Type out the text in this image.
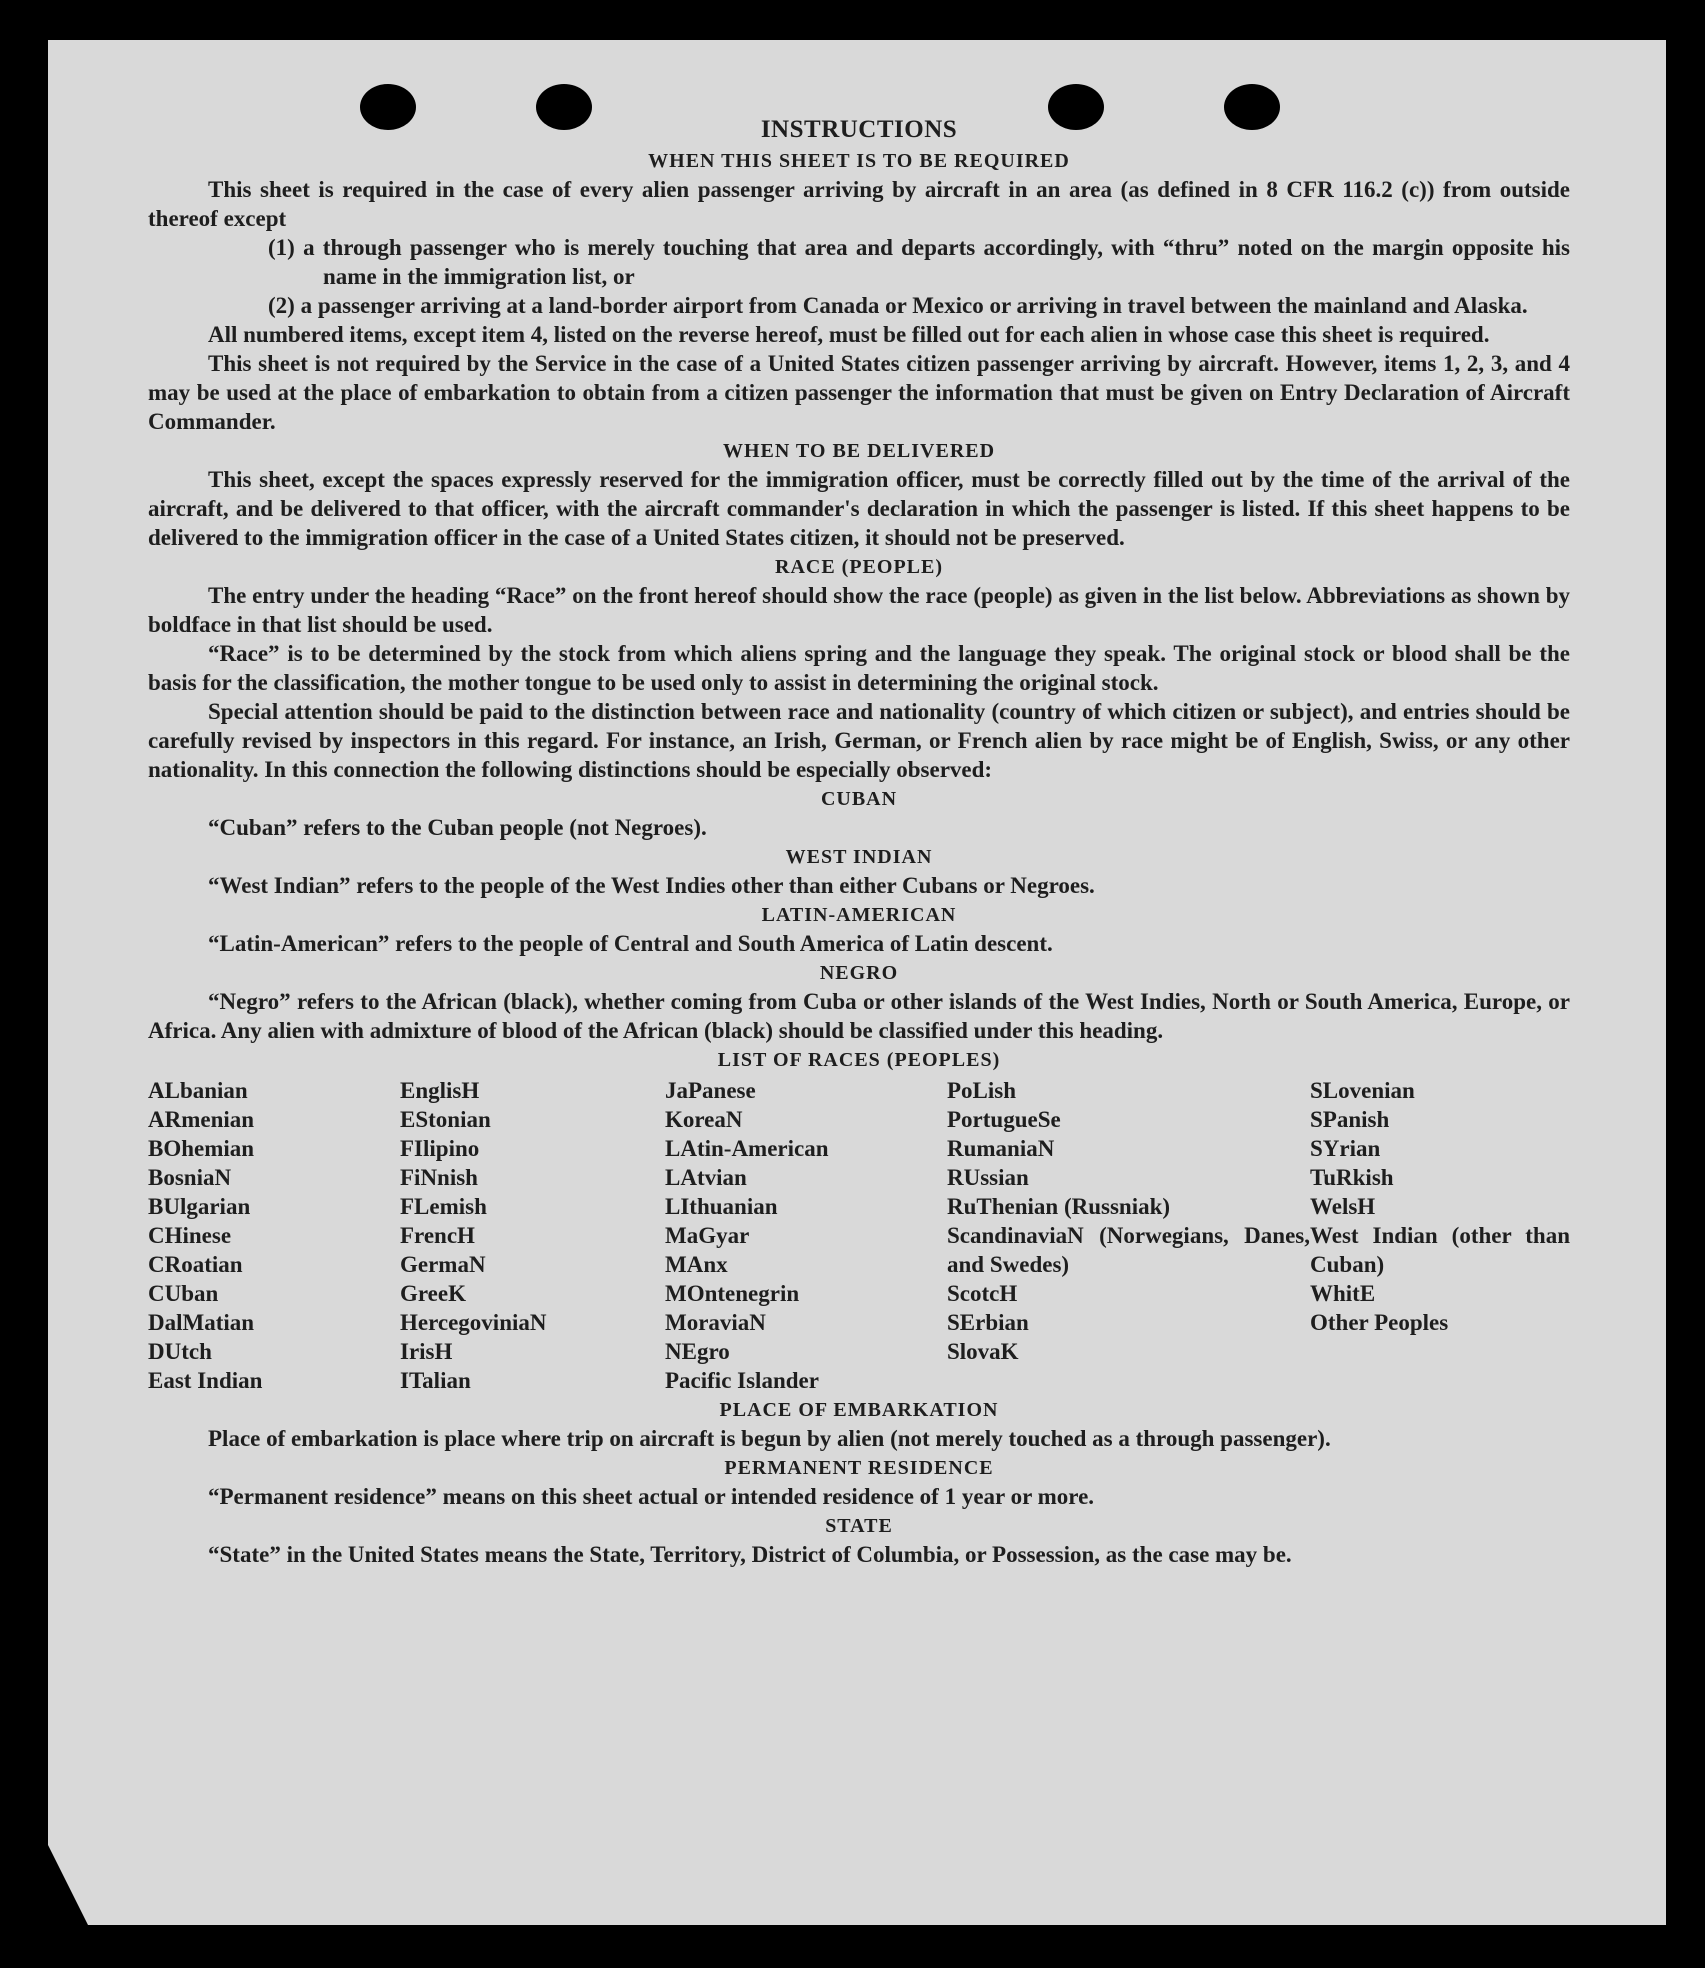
INSTRUCTIONS
WHEN THIS SHEET IS TO BE REQUIRED

This sheet is required in the case of every alien passenger arriving by aircraft in an area (as defined in 8 CFR 116.2 (c)) from outside thereof except

(1) a through passenger who is merely touching that area and departs accordingly, with “thru” noted on the margin opposite his name in the immigration list, or

(2) a passenger arriving at a land-border airport from Canada or Mexico or arriving in travel between the mainland and Alaska.

All numbered items, except item 4, listed on the reverse hereof, must be filled out for each alien in whose case this sheet is required.

This sheet is not required by the Service in the case of a United States citizen passenger arriving by aircraft. However, items 1, 2, 3, and 4 may be used at the place of embarkation to obtain from a citizen passenger the information that must be given on Entry Declaration of Aircraft Commander.

WHEN TO BE DELIVERED

This sheet, except the spaces expressly reserved for the immigration officer, must be correctly filled out by the time of the arrival of the aircraft, and be delivered to that officer, with the aircraft commander's declaration in which the passenger is listed. If this sheet happens to be delivered to the immigration officer in the case of a United States citizen, it should not be preserved.

RACE (PEOPLE)

The entry under the heading “Race” on the front hereof should show the race (people) as given in the list below. Abbreviations as shown by boldface in that list should be used.

“Race” is to be determined by the stock from which aliens spring and the language they speak. The original stock or blood shall be the basis for the classification, the mother tongue to be used only to assist in determining the original stock.

Special attention should be paid to the distinction between race and nationality (country of which citizen or subject), and entries should be carefully revised by inspectors in this regard. For instance, an Irish, German, or French alien by race might be of English, Swiss, or any other nationality. In this connection the following distinctions should be especially observed:

CUBAN

“Cuban” refers to the Cuban people (not Negroes).

WEST INDIAN

“West Indian” refers to the people of the West Indies other than either Cubans or Negroes.

LATIN-AMERICAN

“Latin-American” refers to the people of Central and South America of Latin descent.

NEGRO

“Negro” refers to the African (black), whether coming from Cuba or other islands of the West Indies, North or South America, Europe, or Africa. Any alien with admixture of blood of the African (black) should be classified under this heading.

LIST OF RACES (PEOPLES)
ALbanian
ARmenian
BOhemian
BosniaN
BUlgarian
CHinese
CRoatian
CUban
DalMatian
DUtch
East Indian
EnglisH
EStonian
FIlipino
FiNnish
FLemish
FrencH
GermaN
GreeK
HercegoviniaN
IrisH
ITalian
JaPanese
KoreaN
LAtin-American
LAtvian
LIthuanian
MaGyar
MAnx
MOntenegrin
MoraviaN
NEgro
Pacific Islander
PoLish
PortugueSe
RumaniaN
RUssian
RuThenian (Russniak)
ScandinaviaN (Norwegians, Danes, and Swedes)
ScotcH
SErbian
SlovaK
SLovenian
SPanish
SYrian
TuRkish
WelsH
West Indian (other than Cuban)
WhitE
Other Peoples
PLACE OF EMBARKATION

Place of embarkation is place where trip on aircraft is begun by alien (not merely touched as a through passenger).

PERMANENT RESIDENCE

“Permanent residence” means on this sheet actual or intended residence of 1 year or more.

STATE

“State” in the United States means the State, Territory, District of Columbia, or Possession, as the case may be.
